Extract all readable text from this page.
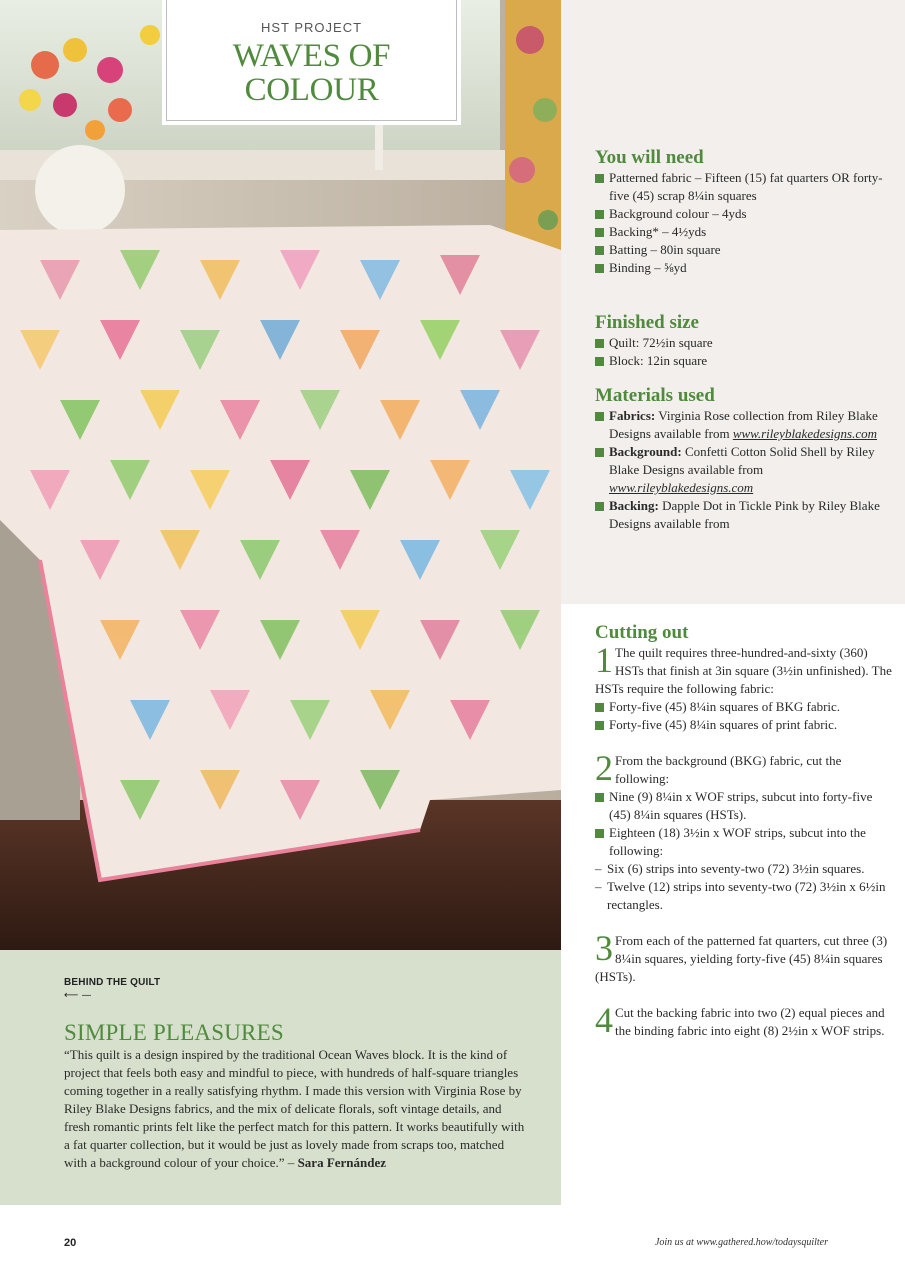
HST PROJECT
WAVES OF
COLOUR
You will need
Patterned fabric – Fifteen (15) fat quarters OR forty-five (45) scrap 8¼in squares
Background colour – 4yds
Backing* – 4½yds
Batting – 80in square
Binding – ⅝yd
Finished size
Quilt: 72½in square
Block: 12in square
Materials used
Fabrics: Virginia Rose collection from Riley Blake Designs available from www.rileyblakedesigns.com
Background: Confetti Cotton Solid Shell by Riley Blake Designs available from
www.rileyblakedesigns.com
Backing: Dapple Dot in Tickle Pink by Riley Blake Designs available from
Cutting out

1 The quilt requires three-hundred-and-sixty (360) HSTs that finish at 3in square (3½in unfinished). The HSTs require the following fabric:

Forty-five (45) 8¼in squares of BKG fabric.
Forty-five (45) 8¼in squares of print fabric.

2 From the background (BKG) fabric, cut the following:

Nine (9) 8¼in x WOF strips, subcut into forty-five (45) 8¼in squares (HSTs).
Eighteen (18) 3½in x WOF strips, subcut into the following:
– Six (6) strips into seventy-two (72) 3½in squares.
– Twelve (12) strips into seventy-two (72) 3½in x 6½in rectangles.

3 From each of the patterned fat quarters, cut three (3) 8¼in squares, yielding forty-five (45) 8¼in squares (HSTs).

4 Cut the backing fabric into two (2) equal pieces and the binding fabric into eight (8) 2½in x WOF strips.

BEHIND THE QUILT
⟵ —
SIMPLE PLEASURES
“This quilt is a design inspired by the traditional Ocean Waves block. It is the kind of project that feels both easy and mindful to piece, with hundreds of half-square triangles coming together in a really satisfying rhythm. I made this version with Virginia Rose by Riley Blake Designs fabrics, and the mix of delicate florals, soft vintage details, and fresh romantic prints felt like the perfect match for this pattern. It works beautifully with a fat quarter collection, but it would be just as lovely made from scraps too, matched with a background colour of your choice.” – Sara Fernández
20	Join us at www.gathered.how/todaysquilter
